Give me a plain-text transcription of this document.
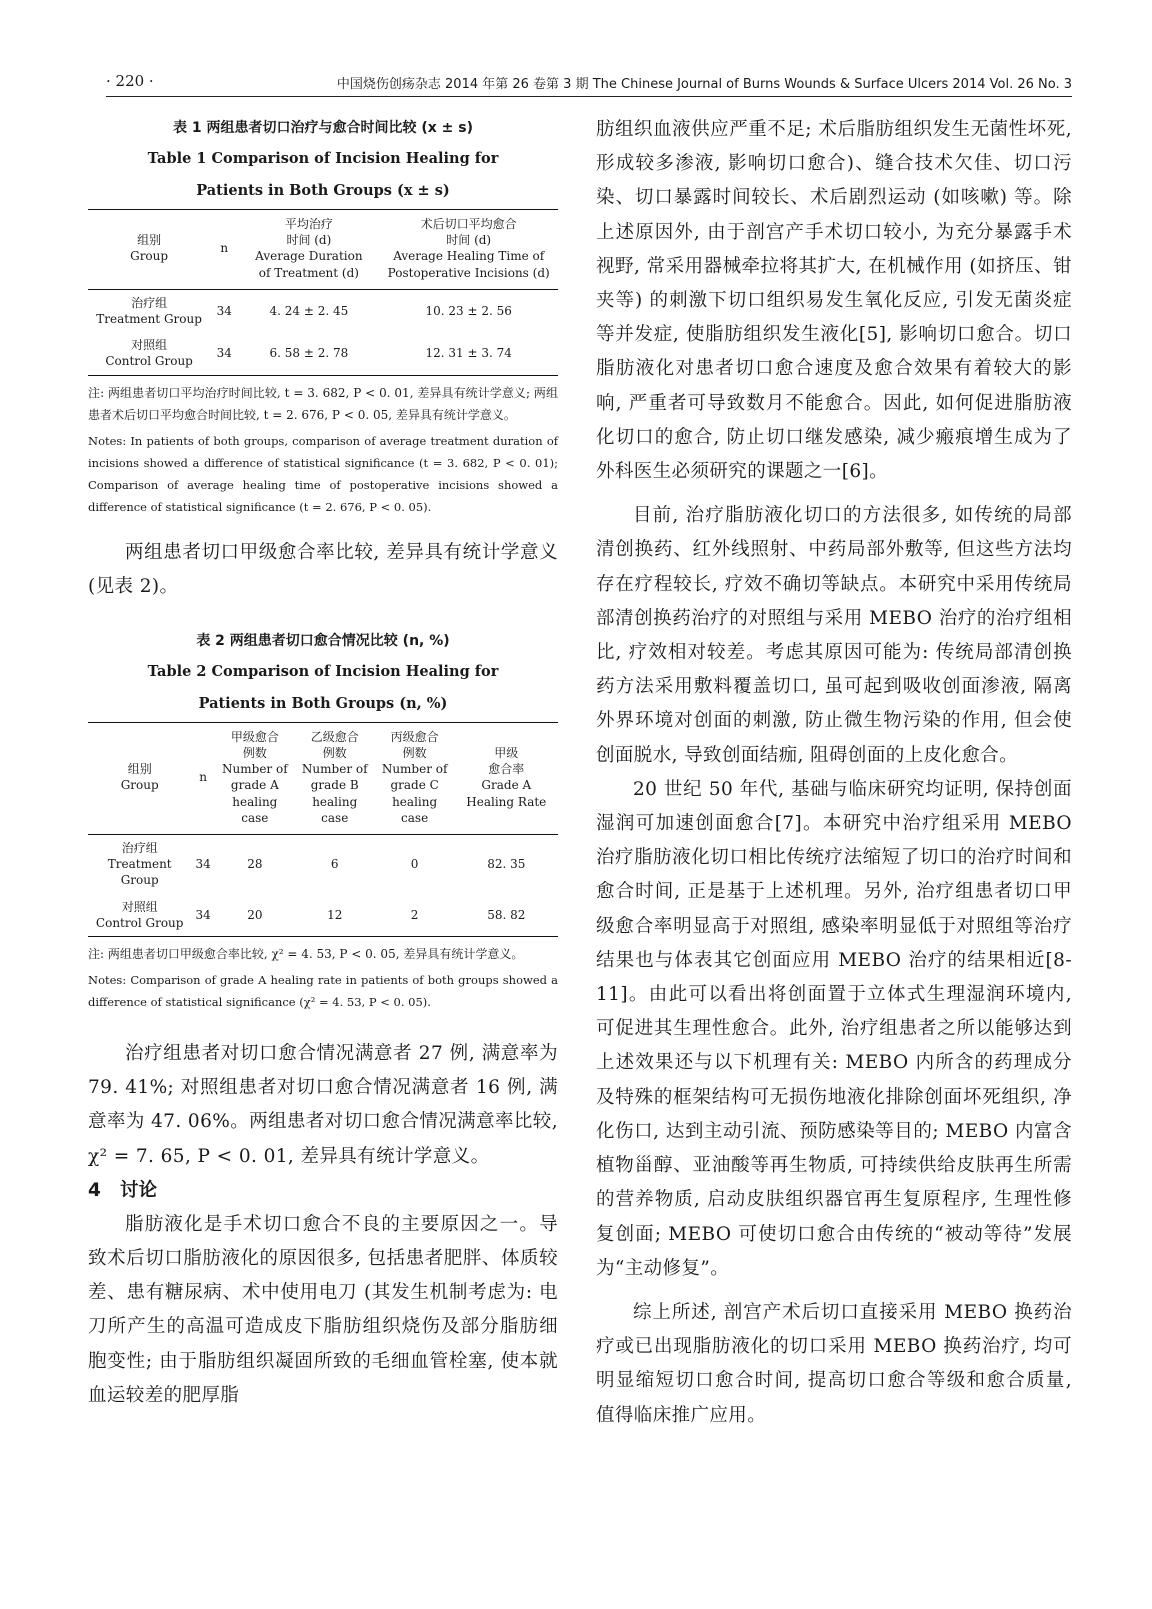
· 220 ·	中国烧伤创疡杂志 2014 年第 26 卷第 3 期 The Chinese Journal of Burns Wounds & Surface Ulcers 2014 Vol. 26 No. 3
表 1 两组患者切口治疗与愈合时间比较 (x ± s)
Table 1 Comparison of Incision Healing for
Patients in Both Groups (x ± s)
组别
Group	n	平均治疗
时间 (d)
Average Duration
of Treatment (d)	术后切口平均愈合
时间 (d)
Average Healing Time of
Postoperative Incisions (d)

治疗组
Treatment Group	34	4. 24 ± 2. 45	10. 23 ± 2. 56

对照组
Control Group	34	6. 58 ± 2. 78	12. 31 ± 3. 74
注: 两组患者切口平均治疗时间比较, t = 3. 682, P < 0. 01, 差异具有统计学意义; 两组患者术后切口平均愈合时间比较, t = 2. 676, P < 0. 05, 差异具有统计学意义。
Notes: In patients of both groups, comparison of average treatment duration of incisions showed a difference of statistical significance (t = 3. 682, P < 0. 01); Comparison of average healing time of postoperative incisions showed a difference of statistical significance (t = 2. 676, P < 0. 05).

两组患者切口甲级愈合率比较, 差异具有统计学意义 (见表 2)。

表 2 两组患者切口愈合情况比较 (n, %)
Table 2 Comparison of Incision Healing for
Patients in Both Groups (n, %)
组别
Group	n	甲级愈合
例数
Number of
grade A
healing case	乙级愈合
例数
Number of
grade B
healing case	丙级愈合
例数
Number of
grade C
healing case	甲级
愈合率
Grade A
Healing Rate

治疗组
Treatment Group	34	28	6	0	82. 35

对照组
Control Group	34	20	12	2	58. 82
注: 两组患者切口甲级愈合率比较, χ² = 4. 53, P < 0. 05, 差异具有统计学意义。
Notes: Comparison of grade A healing rate in patients of both groups showed a difference of statistical significance (χ² = 4. 53, P < 0. 05).

治疗组患者对切口愈合情况满意者 27 例, 满意率为 79. 41%; 对照组患者对切口愈合情况满意者 16 例, 满意率为 47. 06%。两组患者对切口愈合情况满意率比较, χ² = 7. 65, P < 0. 01, 差异具有统计学意义。

4 讨论

脂肪液化是手术切口愈合不良的主要原因之一。导致术后切口脂肪液化的原因很多, 包括患者肥胖、体质较差、患有糖尿病、术中使用电刀 (其发生机制考虑为: 电刀所产生的高温可造成皮下脂肪组织烧伤及部分脂肪细胞变性; 由于脂肪组织凝固所致的毛细血管栓塞, 使本就血运较差的肥厚脂

肪组织血液供应严重不足; 术后脂肪组织发生无菌性坏死, 形成较多渗液, 影响切口愈合)、缝合技术欠佳、切口污染、切口暴露时间较长、术后剧烈运动 (如咳嗽) 等。除上述原因外, 由于剖宫产手术切口较小, 为充分暴露手术视野, 常采用器械牵拉将其扩大, 在机械作用 (如挤压、钳夹等) 的刺激下切口组织易发生氧化反应, 引发无菌炎症等并发症, 使脂肪组织发生液化[5], 影响切口愈合。切口脂肪液化对患者切口愈合速度及愈合效果有着较大的影响, 严重者可导致数月不能愈合。因此, 如何促进脂肪液化切口的愈合, 防止切口继发感染, 减少瘢痕增生成为了外科医生必须研究的课题之一[6]。

目前, 治疗脂肪液化切口的方法很多, 如传统的局部清创换药、红外线照射、中药局部外敷等, 但这些方法均存在疗程较长, 疗效不确切等缺点。本研究中采用传统局部清创换药治疗的对照组与采用 MEBO 治疗的治疗组相比, 疗效相对较差。考虑其原因可能为: 传统局部清创换药方法采用敷料覆盖切口, 虽可起到吸收创面渗液, 隔离外界环境对创面的刺激, 防止微生物污染的作用, 但会使创面脱水, 导致创面结痂, 阻碍创面的上皮化愈合。

20 世纪 50 年代, 基础与临床研究均证明, 保持创面湿润可加速创面愈合[7]。本研究中治疗组采用 MEBO 治疗脂肪液化切口相比传统疗法缩短了切口的治疗时间和愈合时间, 正是基于上述机理。另外, 治疗组患者切口甲级愈合率明显高于对照组, 感染率明显低于对照组等治疗结果也与体表其它创面应用 MEBO 治疗的结果相近[8-11]。由此可以看出将创面置于立体式生理湿润环境内, 可促进其生理性愈合。此外, 治疗组患者之所以能够达到上述效果还与以下机理有关: MEBO 内所含的药理成分及特殊的框架结构可无损伤地液化排除创面坏死组织, 净化伤口, 达到主动引流、预防感染等目的; MEBO 内富含植物甾醇、亚油酸等再生物质, 可持续供给皮肤再生所需的营养物质, 启动皮肤组织器官再生复原程序, 生理性修复创面; MEBO 可使切口愈合由传统的“被动等待”发展为“主动修复”。

综上所述, 剖宫产术后切口直接采用 MEBO 换药治疗或已出现脂肪液化的切口采用 MEBO 换药治疗, 均可明显缩短切口愈合时间, 提高切口愈合等级和愈合质量, 值得临床推广应用。
